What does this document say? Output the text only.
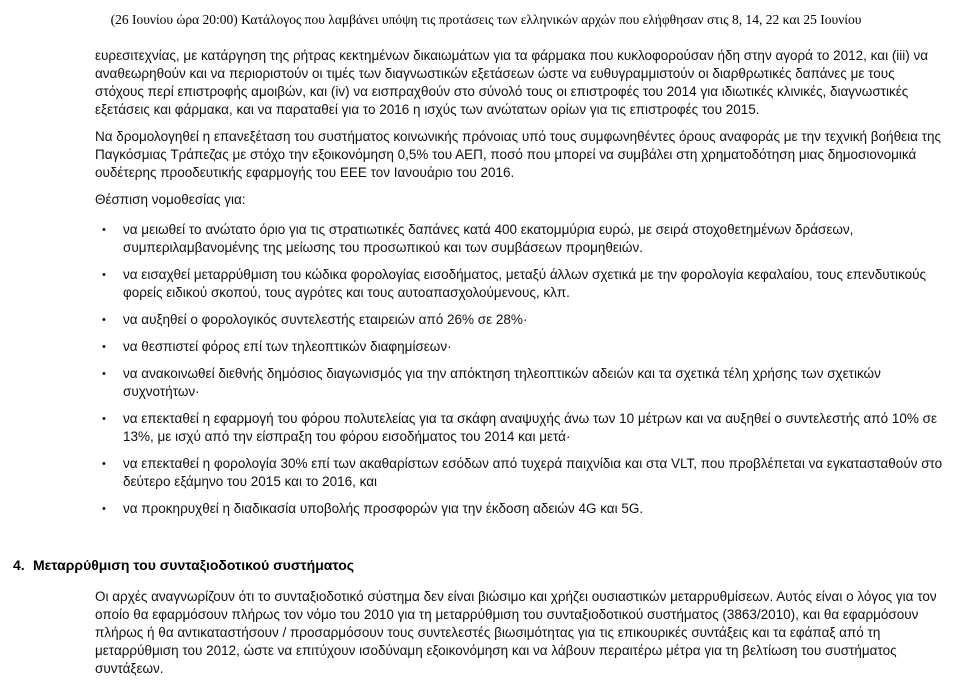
(26 Ιουνίου ώρα 20:00) Κατάλογος που λαμβάνει υπόψη τις προτάσεις των ελληνικών αρχών που ελήφθησαν στις 8, 14, 22 και 25 Ιουνίου

ευρεσιτεχνίας, με κατάργηση της ρήτρας κεκτημένων δικαιωμάτων για τα φάρμακα που κυκλοφορούσαν ήδη στην αγορά το 2012, και (iii) να αναθεωρηθούν και να περιοριστούν οι τιμές των διαγνωστικών εξετάσεων ώστε να ευθυγραμμιστούν οι διαρθρωτικές δαπάνες με τους στόχους περί επιστροφής αμοιβών, και (iv) να εισπραχθούν στο σύνολό τους οι επιστροφές του 2014 για ιδιωτικές κλινικές, διαγνωστικές εξετάσεις και φάρμακα, και να παραταθεί για το 2016 η ισχύς των ανώτατων ορίων για τις επιστροφές του 2015.

Να δρομολογηθεί η επανεξέταση του συστήματος κοινωνικής πρόνοιας υπό τους συμφωνηθέντες όρους αναφοράς με την τεχνική βοήθεια της Παγκόσμιας Τράπεζας με στόχο την εξοικονόμηση 0,5% του ΑΕΠ, ποσό που μπορεί να συμβάλει στη χρηματοδότηση μιας δημοσιονομικά ουδέτερης προοδευτικής εφαρμογής του ΕΕΕ τον Ιανουάριο του 2016.

Θέσπιση νομοθεσίας για:

• να μειωθεί το ανώτατο όριο για τις στρατιωτικές δαπάνες κατά 400 εκατομμύρια ευρώ, με σειρά στοχοθετημένων δράσεων, συμπεριλαμβανομένης της μείωσης του προσωπικού και των συμβάσεων προμηθειών.
• να εισαχθεί μεταρρύθμιση του κώδικα φορολογίας εισοδήματος, μεταξύ άλλων σχετικά με την φορολογία κεφαλαίου, τους επενδυτικούς φορείς ειδικού σκοπού, τους αγρότες και τους αυτοαπασχολούμενους, κλπ.
• να αυξηθεί ο φορολογικός συντελεστής εταιρειών από 26% σε 28%·
• να θεσπιστεί φόρος επί των τηλεοπτικών διαφημίσεων·
• να ανακοινωθεί διεθνής δημόσιος διαγωνισμός για την απόκτηση τηλεοπτικών αδειών και τα σχετικά τέλη χρήσης των σχετικών συχνοτήτων·
• να επεκταθεί η εφαρμογή του φόρου πολυτελείας για τα σκάφη αναψυχής άνω των 10 μέτρων και να αυξηθεί ο συντελεστής από 10% σε 13%, με ισχύ από την είσπραξη του φόρου εισοδήματος του 2014 και μετά·
• να επεκταθεί η φορολογία 30% επί των ακαθαρίστων εσόδων από τυχερά παιχνίδια και στα VLT, που προβλέπεται να εγκατασταθούν στο δεύτερο εξάμηνο του 2015 και το 2016, και
• να προκηρυχθεί η διαδικασία υποβολής προσφορών για την έκδοση αδειών 4G και 5G.
4. Μεταρρύθμιση του συνταξιοδοτικού συστήματος

Οι αρχές αναγνωρίζουν ότι το συνταξιοδοτικό σύστημα δεν είναι βιώσιμο και χρήζει ουσιαστικών μεταρρυθμίσεων. Αυτός είναι ο λόγος για τον οποίο θα εφαρμόσουν πλήρως τον νόμο του 2010 για τη μεταρρύθμιση του συνταξιοδοτικού συστήματος (3863/2010), και θα εφαρμόσουν πλήρως ή θα αντικαταστήσουν / προσαρμόσουν τους συντελεστές βιωσιμότητας για τις επικουρικές συντάξεις και τα εφάπαξ από τη μεταρρύθμιση του 2012, ώστε να επιτύχουν ισοδύναμη εξοικονόμηση και να λάβουν περαιτέρω μέτρα για τη βελτίωση του συστήματος συντάξεων.
